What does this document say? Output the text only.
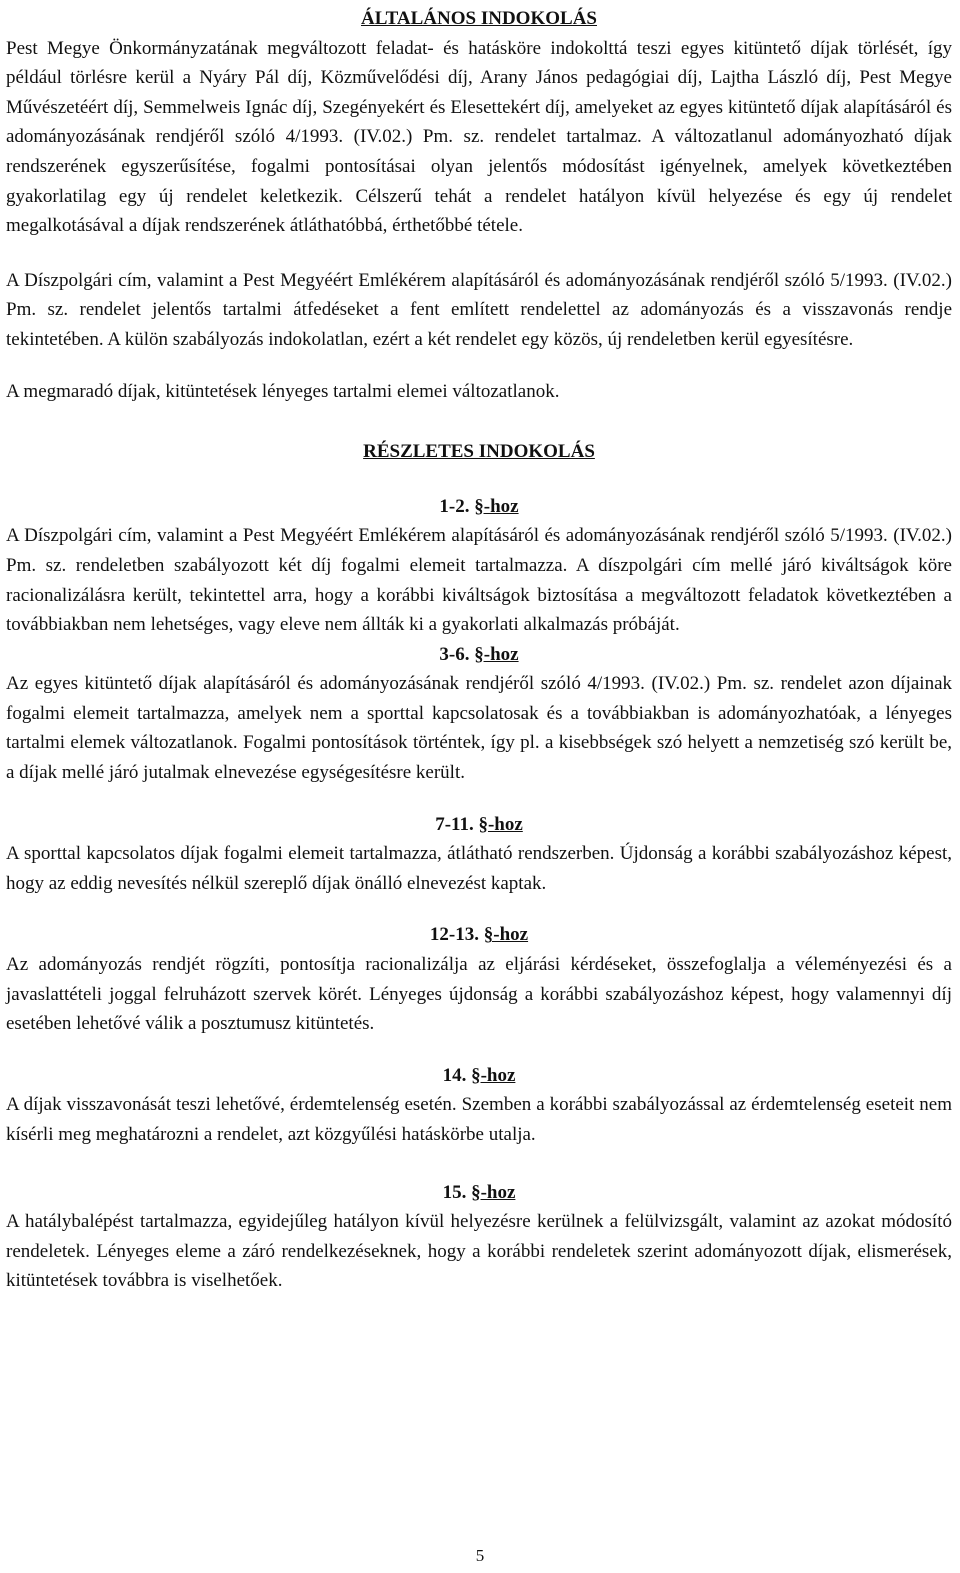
ÁLTALÁNOS INDOKOLÁS

Pest Megye Önkormányzatának megváltozott feladat- és hatásköre indokolttá teszi egyes kitüntető díjak törlését, így például törlésre kerül a Nyáry Pál díj, Közművelődési díj, Arany János pedagógiai díj, Lajtha László díj, Pest Megye Művészetéért díj, Semmelweis Ignác díj, Szegényekért és Elesettekért díj, amelyeket az egyes kitüntető díjak alapításáról és adományozásának rendjéről szóló 4/1993. (IV.02.) Pm. sz. rendelet tartalmaz. A változatlanul adományozható díjak rendszerének egyszerűsítése, fogalmi pontosításai olyan jelentős módosítást igényelnek, amelyek következtében gyakorlatilag egy új rendelet keletkezik. Célszerű tehát a rendelet hatályon kívül helyezése és egy új rendelet megalkotásával a díjak rendszerének átláthatóbbá, érthetőbbé tétele.

A Díszpolgári cím, valamint a Pest Megyéért Emlékérem alapításáról és adományozásának rendjéről szóló 5/1993. (IV.02.) Pm. sz. rendelet jelentős tartalmi átfedéseket a fent említett rendelettel az adományozás és a visszavonás rendje tekintetében. A külön szabályozás indokolatlan, ezért a két rendelet egy közös, új rendeletben kerül egyesítésre.

A megmaradó díjak, kitüntetések lényeges tartalmi elemei változatlanok.

RÉSZLETES INDOKOLÁS
1-2. §-hoz

A Díszpolgári cím, valamint a Pest Megyéért Emlékérem alapításáról és adományozásának rendjéről szóló 5/1993. (IV.02.) Pm. sz. rendeletben szabályozott két díj fogalmi elemeit tartalmazza. A díszpolgári cím mellé járó kiváltságok köre racionalizálásra került, tekintettel arra, hogy a korábbi kiváltságok biztosítása a megváltozott feladatok következtében a továbbiakban nem lehetséges, vagy eleve nem állták ki a gyakorlati alkalmazás próbáját.

3-6. §-hoz

Az egyes kitüntető díjak alapításáról és adományozásának rendjéről szóló 4/1993. (IV.02.) Pm. sz. rendelet azon díjainak fogalmi elemeit tartalmazza, amelyek nem a sporttal kapcsolatosak és a továbbiakban is adományozhatóak, a lényeges tartalmi elemek változatlanok. Fogalmi pontosítások történtek, így pl. a kisebbségek szó helyett a nemzetiség szó került be, a díjak mellé járó jutalmak elnevezése egységesítésre került.

7-11. §-hoz

A sporttal kapcsolatos díjak fogalmi elemeit tartalmazza, átlátható rendszerben. Újdonság a korábbi szabályozáshoz képest, hogy az eddig nevesítés nélkül szereplő díjak önálló elnevezést kaptak.

12-13. §-hoz

Az adományozás rendjét rögzíti, pontosítja racionalizálja az eljárási kérdéseket, összefoglalja a véleményezési és a javaslattételi joggal felruházott szervek körét. Lényeges újdonság a korábbi szabályozáshoz képest, hogy valamennyi díj esetében lehetővé válik a posztumusz kitüntetés.

14. §-hoz

A díjak visszavonását teszi lehetővé, érdemtelenség esetén. Szemben a korábbi szabályozással az érdemtelenség eseteit nem kísérli meg meghatározni a rendelet, azt közgyűlési hatáskörbe utalja.

15. §-hoz

A hatálybalépést tartalmazza, egyidejűleg hatályon kívül helyezésre kerülnek a felülvizsgált, valamint az azokat módosító rendeletek. Lényeges eleme a záró rendelkezéseknek, hogy a korábbi rendeletek szerint adományozott díjak, elismerések, kitüntetések továbbra is viselhetőek.

5
